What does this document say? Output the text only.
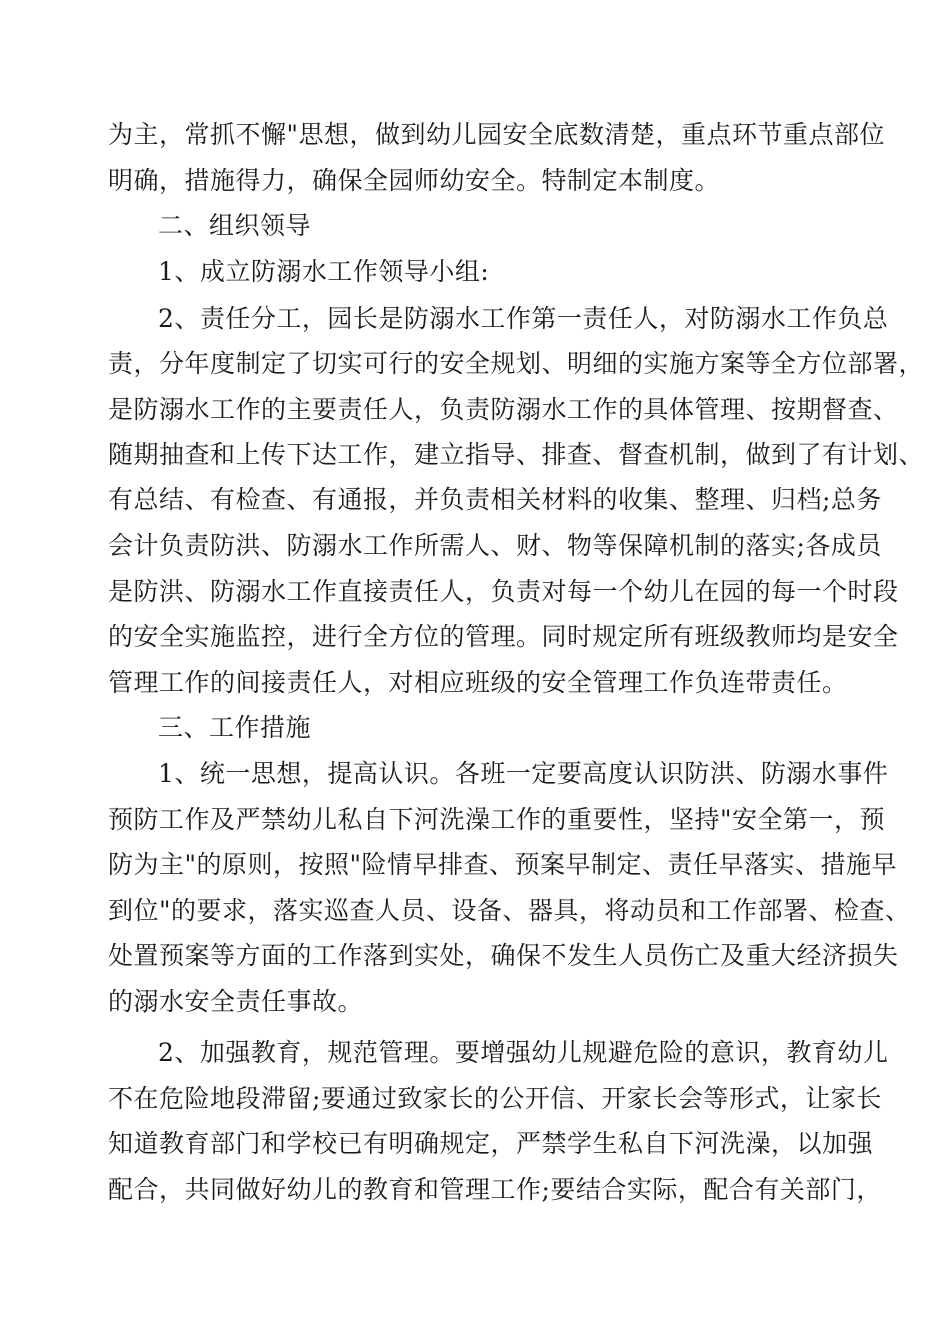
为主，常抓不懈"思想，做到幼儿园安全底数清楚，重点环节重点部位
明确，措施得力，确保全园师幼安全。特制定本制度。
二、组织领导
1、成立防溺水工作领导小组:
2、责任分工，园长是防溺水工作第一责任人，对防溺水工作负总
责，分年度制定了切实可行的安全规划、明细的实施方案等全方位部署，
是防溺水工作的主要责任人，负责防溺水工作的具体管理、按期督查、
随期抽查和上传下达工作，建立指导、排查、督查机制，做到了有计划、
有总结、有检查、有通报，并负责相关材料的收集、整理、归档;总务
会计负责防洪、防溺水工作所需人、财、物等保障机制的落实;各成员
是防洪、防溺水工作直接责任人，负责对每一个幼儿在园的每一个时段
的安全实施监控，进行全方位的管理。同时规定所有班级教师均是安全
管理工作的间接责任人，对相应班级的安全管理工作负连带责任。
三、工作措施
1、统一思想，提高认识。各班一定要高度认识防洪、防溺水事件
预防工作及严禁幼儿私自下河洗澡工作的重要性，坚持"安全第一，预
防为主"的原则，按照"险情早排查、预案早制定、责任早落实、措施早
到位"的要求，落实巡查人员、设备、器具，将动员和工作部署、检查、
处置预案等方面的工作落到实处，确保不发生人员伤亡及重大经济损失
的溺水安全责任事故。
2、加强教育，规范管理。要增强幼儿规避危险的意识，教育幼儿
不在危险地段滞留;要通过致家长的公开信、开家长会等形式，让家长
知道教育部门和学校已有明确规定，严禁学生私自下河洗澡，以加强
配合，共同做好幼儿的教育和管理工作;要结合实际，配合有关部门，
